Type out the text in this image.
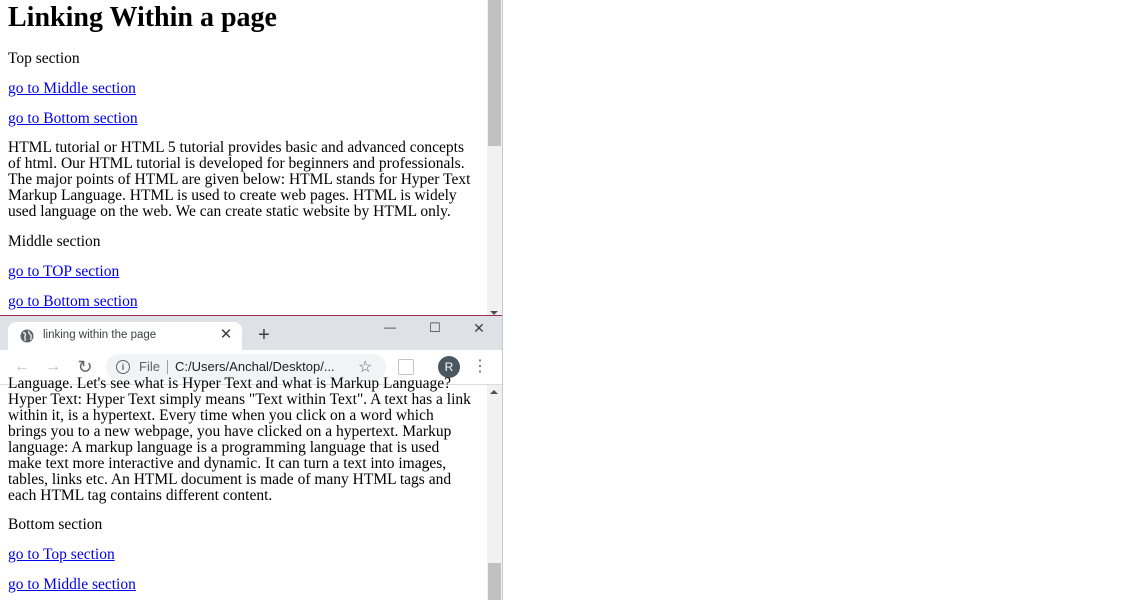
Linking Within a page

Top section

go to Middle section

go to Bottom section

HTML tutorial or HTML 5 tutorial provides basic and advanced concepts
of html. Our HTML tutorial is developed for beginners and professionals.
The major points of HTML are given below: HTML stands for Hyper Text
Markup Language. HTML is used to create web pages. HTML is widely
used language on the web. We can create static website by HTML only.

Middle section

go to TOP section

go to Bottom section

linking within the page	✕ +	—	☐	✕
← → ↻	i	File C:/Users/Anchal/Desktop/... ☆	R	⋮
Language. Let's see what is Hyper Text and what is Markup Language?
Hyper Text: Hyper Text simply means "Text within Text". A text has a link
within it, is a hypertext. Every time when you click on a word which
brings you to a new webpage, you have clicked on a hypertext. Markup
language: A markup language is a programming language that is used
make text more interactive and dynamic. It can turn a text into images,
tables, links etc. An HTML document is made of many HTML tags and
each HTML tag contains different content.

Bottom section

go to Top section

go to Middle section
